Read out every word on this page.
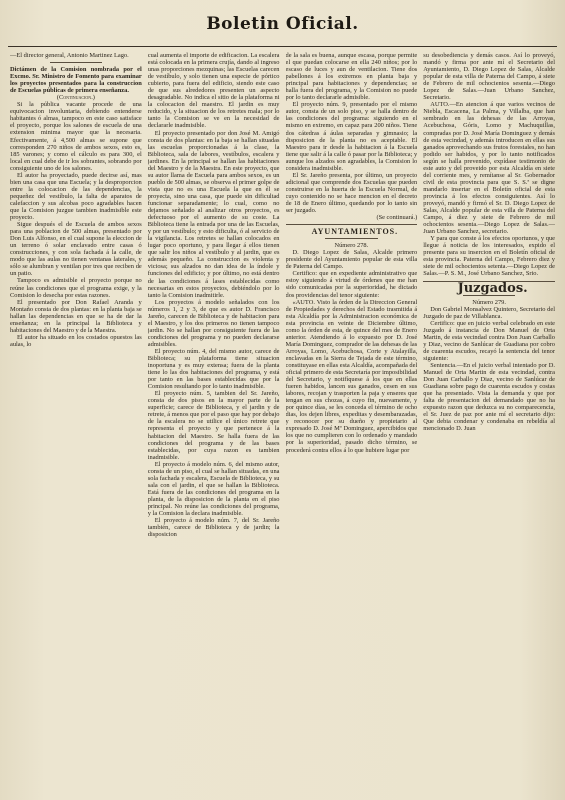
Boletin Oficial.

—El director general, Antonio Martinez Lago.

Dictámen de la Comision nombrada por el Excmo. Sr. Ministro de Fomento para examinar los proyectos presentados para la construccion de Escuelas públicas de primera enseñanza.

(Continuacion.)

Si la pública vacante procede de una equivocacion involuntaria, debiendo entenderse habitantes ó almas, tampoco en este caso satisface el proyecto, porque los salones de escuela de una extension minima mayor que la necesaria. Efectivamente, á 4,500 almas se supone que corresponden 270 niños de ambos sexos, esto es, 185 varones; y como el cálculo es para 300, el local en cual debe de ir los sobrantes, sobrando por consiguiente uno de los salones.

El autor ha proyectado, puede decirse así, mas bien una casa que una Escuela; y la desproporcion entre la colocacion de las dependencias, la pequeñez del vestíbulo, la falta de aparatos de calefaccion y sus alcobas poco agradables hacen que la Comision juzgue tambien inadmisible este proyecto.

Sigue después el de Escuela de ambos sexos para una poblacion de 500 almas, presentado por Don Luis Alfonso, en el cual supone la eleccion de un terreno ó solar enclavado entre casas ó construcciones, y con sola fachada á la calle, de modo que las aulas no tienen ventanas laterales, y sólo se alumbran y ventilan por tres que reciben de un patio.

Tampoco es admisible el proyecto porque no reúne las condiciones que el programa exige, y la Comision lo desecha por estas razones.

El presentado por Don Rafael Aranda y Montaño consta de dos plantas: en la planta baja se hallan las dependencias en que se ha de dar la enseñanza; en la principal la Biblioteca y habitaciones del Maestro y de la Maestra.

El autor ha situado en los costados opuestos las aulas, lo

cual aumenta el importe de edificacion. La escalera está colocada en la primera crujía, dando al ingreso unas proporciones mezquinas; las Escuelas carecen de vestíbulo, y solo tienen una especie de pórtico cubierto, para fuera del edificio, siendo este caso de que sus alrededores presenten un aspecto desagradable. No indica el sitio de la plataforma ni la colocacion del maestro. El jardin es muy reducido, y la situacion de los retretes mala; por lo tanto la Comision se ve en la necesidad de declararle inadmisible.

El proyecto presentado por don José M. Amigó consta de dos plantas: en la baja se hallan situadas las escuelas proporcionadas á la clase, la Biblioteca, sala de labores, vestíbulos, escalera y jardines. En la principal se hallan las habitaciones del Maestro y de la Maestra. En este proyecto, que su autor llama de Escuela para ambos sexos, es un pueblo de 500 almas, se observa el primer golpe de vista que no es una Escuela la que en él se proyecta, sino una casa, que puede sin dificultad funcionar separadamente; lo cual, como no dejamos señalado al analizar otros proyectos, es defectuoso por el aumento de su coste. La Biblioteca tiene la entrada por una de las Escuelas, y por un vestíbulo; y esto dificulta, ó al servicio de la vigilancia. Los retretes se hallan colocados en lugar poco oportuno, y para llegar á ellos tienen que salir los niños al vestíbulo y al jardin, que es además pequeño. La construccion es violenta y viciosa; sus alzados no dan idea de la índole y funciones del edificio; y por último, no está dentro de las condiciones á lases establecidas como necesarias en estos proyectos, debiéndolo por lo tanto la Comision inadmitirle.

Los proyectos á modelo señalados con los números 1, 2 y 3, de que es autor D. Francisco Jareño, carecen de Biblioteca y de habitacion para el Maestro, y los dos primeros no tienen tampoco jardin. No se hallan por consiguiente fuera de las condiciones del programa y no pueden declararse admisibles.

El proyecto núm. 4, del mismo autor, carece de Biblioteca; su plataforma tiene situacion inoportuna y es muy extensa; fuera de la planta tiene lo las dos habitaciones del programa, y está por tanto en las bases establecidas que por la Comision resultando por lo tanto inadmisible.

El proyecto núm. 5, tambien del Sr. Jareño, consta de dos pisos en la mayor parte de la superficie; carece de Biblioteca, y el jardin y de retrete, á menos que por el paso que hay por debajo de la escalera no se utilice el único retrete que representa el proyecto y que pertenece á la habitacion del Maestro. Se halla fuera de las condiciones del programa y de las bases establecidas, por cuya razon es tambien inadmisible.

El proyecto á modelo núm. 6, del mismo autor, consta de un piso, el cual se hallan situadas, en una sola fachada y escalera, Escuela de Biblioteca, y su sala con el jardin, el que se hallan la Biblioteca. Está fuera de las condiciones del programa en la planta, de la disposicion de la planta en el piso principal. No reúne las condiciones del programa, y la Comision la declara inadmisible.

El proyecto á modelo núm. 7, del Sr. Jareño también, carece de Biblioteca y de jardin; la disposicion

de la sala es buena, aunque escasa, porque permite el que puedan colocarse en ella 240 niños; por lo escaso de luces y aun de ventilacion. Tiene dos pabellones á los extremos en planta baja y principal para habitaciones y dependencias; se halla fuera del programa, y la Comision no puede por lo tanto declararle admisible.

El proyecto núm. 9, presentado por el mismo autor, consta de un solo piso, y se halla dentro de las condiciones del programa: siguiendo en el mismo en extremo, en capaz para 200 niños. Tiene dos cátedras á áulas separadas y gimnasio; la disposicion de la planta no es aceptable. El Maestro para ir desde la habitacion á la Escuela tiene que salir á la calle ó pasar por la Biblioteca; y aunque los alzados son agradables, la Comision lo considera inadmisible.

El Sr. Jareño presenta, por último, un proyecto adicional que comprende dos Escuelas que pueden construirse en la huerta de la Escuela Normal, de cuyo contenido no se hace mencion en el decreto de 18 de Enero último, quedando por lo tanto sin ser juzgado.

(Se continuará.)

AYUNTAMIENTOS.

Número 278.

D. Diego Lopez de Salas, Alcalde primero presidente del Ayuntamiento popular de esta villa de Paterna del Campo.

Certifico: que en expediente administrativo que estoy siguiendo á virtud de órdenes que me han sido comunicadas por la superioridad, he dictado dos providencias del tenor siguiente:

«AUTO. Visto la órden de la Direccion General de Propiedades y derechos del Estado trasmitida á esta Alcaldía por la Administracion económica de esta provincia en veinte de Diciembre último, como la órden de esta, de quince del mes de Enero anterior. Atendiendo á lo expuesto por D. José María Dominguez, comprador de las dehesas de las Arroyas, Lomo, Acebuchosa, Corte y Atalayilla, enclavadas en la Sierra de Tejada de este término, constituyase en ellas esta Alcaldía, acompañada del oficial primero de esta Secretaría por imposibilidad del Secretario, y notifíquese á los que en ellas fueren habidos, lancen sus ganados, cesen en sus labores, recojan y trasporten la paja y enseres que tengan en sus chozas, á cuyo fin, nuevamente, y por quince días, se les conceda el término de ocho dias, los dejen libres, expeditas y desembarazadas, y reconocer por su dueño y propietario al expresado D. José Mª Dominguez, apercibidos que los que no cumplieren con lo ordenado y mandado por la superioridad, pasado dicho término, se procederá contra ellos á lo que hubiere lugar por

su desobediencia y demás casos. Así lo proveyó, mandó y firma por ante mí el Secretario del Ayuntamiento, D. Diego Lopez de Salas, Alcalde popular de esta villa de Paterna del Campo, á siete de Febrero de mil ochocientos sesenta.—Diego Lopez de Salas.—Juan Urbano Sanchez, Secretario.

AUTO.—En atencion á que varios vecinos de Niebla, Escacena, La Palma, y Villalba, que han sembrado en las dehesas de las Arroyas, Acebuchosa, Góris, Lomo y Machuquillas, compradas por D. José María Dominguez y demás de esta vecindad, y además introducen en ellas sus ganados aprovechando sus frutos forestales, no han podido ser habidos, y por lo tanto notificados según se halla prevenido, expídase testimonio de este auto y del proveido por esta Alcaldía en siete del corriente mes, y remítanse al Sr. Gobernador civil de esta provincia para que S. S.ª se digne mandarlo insertar en el Boletín oficial de esta provincia á los efectos consiguientes. Así lo proveyó, mandó y firmó el Sr. D. Diego Lopez de Salas, Alcalde popular de esta villa de Paterna del Campo, á diez y siete de Febrero de mil ochocientos sesenta.—Diego Lopez de Salas.—Juan Urbano Sanchez, secretario.

Y para que conste á los efectos oportunos, y que llegue á noticia de los interesados, expido el presente para su insercion en el Boletín oficial de esta provincia. Paterna del Campo, Febrero diez y siete de mil ochocientos setenta.—Diego Lopez de Salas.—P. S. M., José Urbano Sanchez, Srio.

Juzgados.

Número 279.

Don Gabriel Monsalvez Quintero, Secretario del Juzgado de paz de Villablanca.

Certifico: que en juicio verbal celebrado en este Juzgado á instancia de Don Manuel de Orta Martin, de esta vecindad contra Don Juan Carballo y Diaz, vecino de Sanlúcar de Guadiana por cobro de cuarenta escudos, recayó la sentencia del tenor siguiente:

Sentencia.—En el juicio verbal intentado por D. Manuel de Orta Martin de esta vecindad, contra Don Juan Carballo y Diaz, vecino de Sanlúcar de Guadiana sobre pago de cuarenta escudos y costas que ha presentado. Vista la demanda y que por falta de presentacion del demandado que no ha expuesto razon que deduzca su no comparecencia, el Sr. Juez de paz por ante mí el secretario dijo: Que debia condenar y condenaba en rebeldía al mencionado D. Juan
